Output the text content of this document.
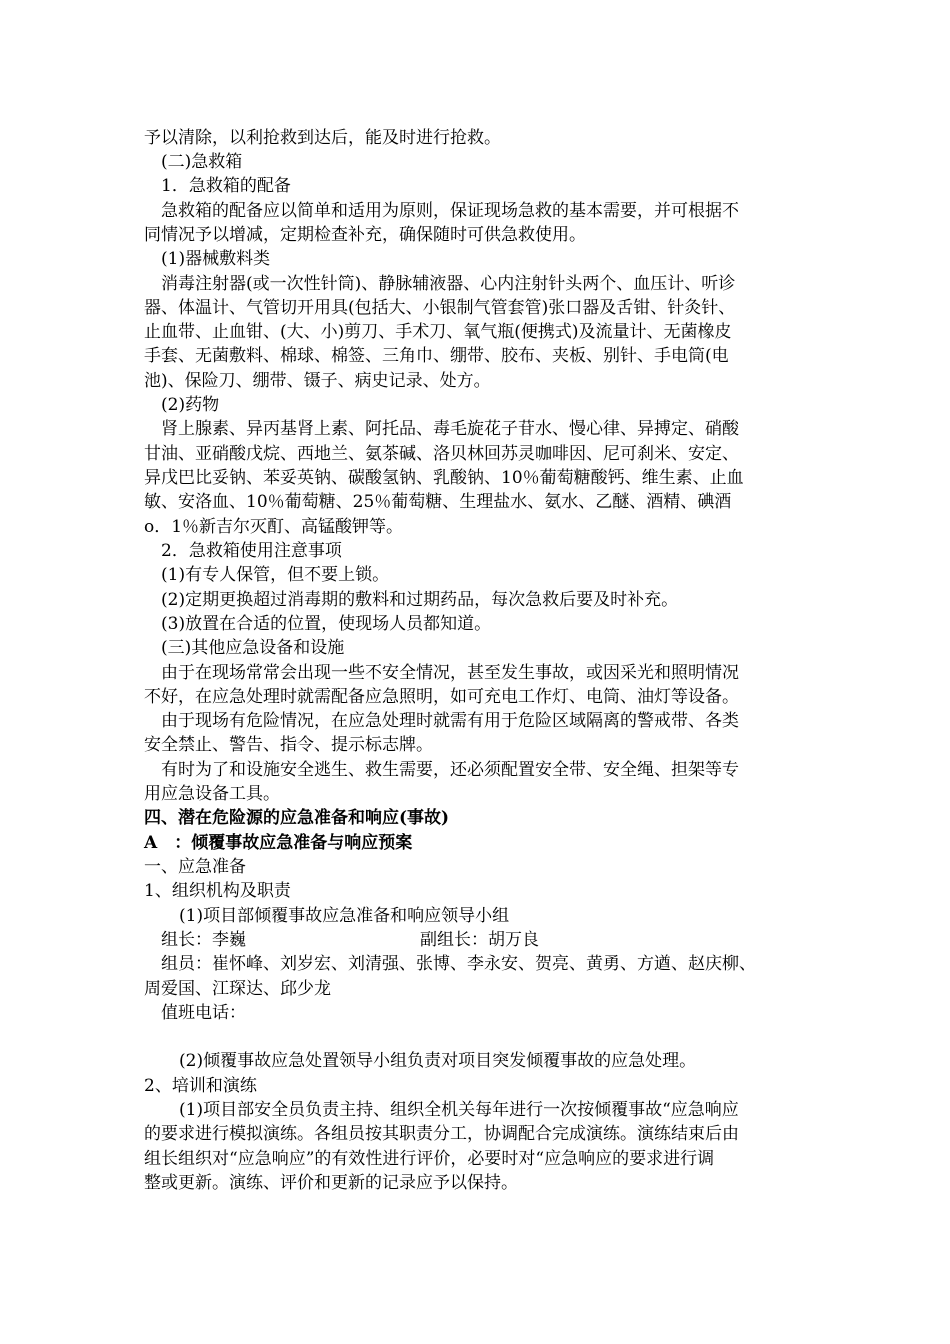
予以清除，以利抢救到达后，能及时进行抢救。
(二)急救箱
1．急救箱的配备
急救箱的配备应以简单和适用为原则，保证现场急救的基本需要，并可根据不
同情况予以增减，定期检查补充，确保随时可供急救使用。
(1)器械敷料类
消毒注射器(或一次性针筒)、静脉辅液器、心内注射针头两个、血压计、听诊
器、体温计、气管切开用具(包括大、小银制气管套管)张口器及舌钳、针灸针、
止血带、止血钳、(大、小)剪刀、手术刀、氧气瓶(便携式)及流量计、无菌橡皮
手套、无菌敷料、棉球、棉签、三角巾、绷带、胶布、夹板、别针、手电筒(电
池)、保险刀、绷带、镊子、病史记录、处方。
(2)药物
肾上腺素、异丙基肾上素、阿托品、毒毛旋花子苷水、慢心律、异搏定、硝酸
甘油、亚硝酸戊烷、西地兰、氨茶碱、洛贝林回苏灵咖啡因、尼可刹米、安定、
异戊巴比妥钠、苯妥英钠、碳酸氢钠、乳酸钠、10％葡萄糖酸钙、维生素、止血
敏、安洛血、10％葡萄糖、25％葡萄糖、生理盐水、氨水、乙醚、酒精、碘酒
o．1％新吉尔灭酊、高锰酸钾等。
2．急救箱使用注意事项
(1)有专人保管，但不要上锁。
(2)定期更换超过消毒期的敷料和过期药品，每次急救后要及时补充。
(3)放置在合适的位置，使现场人员都知道。
(三)其他应急设备和设施
由于在现场常常会出现一些不安全情况，甚至发生事故，或因采光和照明情况
不好，在应急处理时就需配备应急照明，如可充电工作灯、电筒、油灯等设备。
由于现场有危险情况，在应急处理时就需有用于危险区域隔离的警戒带、各类
安全禁止、警告、指令、提示标志牌。
有时为了和设施安全逃生、救生需要，还必须配置安全带、安全绳、担架等专
用应急设备工具。
四、潜在危险源的应急准备和响应(事故)
A　：倾覆事故应急准备与响应预案
一、应急准备
1、组织机构及职责
(1)项目部倾覆事故应急准备和响应领导小组
组长：李巍	副组长：胡万良
组员：崔怀峰、刘岁宏、刘清强、张博、李永安、贺亮、黄勇、方遒、赵庆柳、
周爱国、江琛达、邱少龙
值班电话：
(2)倾覆事故应急处置领导小组负责对项目突发倾覆事故的应急处理。
2、培训和演练
(1)项目部安全员负责主持、组织全机关每年进行一次按倾覆事故“应急响应
的要求进行模拟演练。各组员按其职责分工，协调配合完成演练。演练结束后由
组长组织对“应急响应”的有效性进行评价，必要时对“应急响应的要求进行调
整或更新。演练、评价和更新的记录应予以保持。
